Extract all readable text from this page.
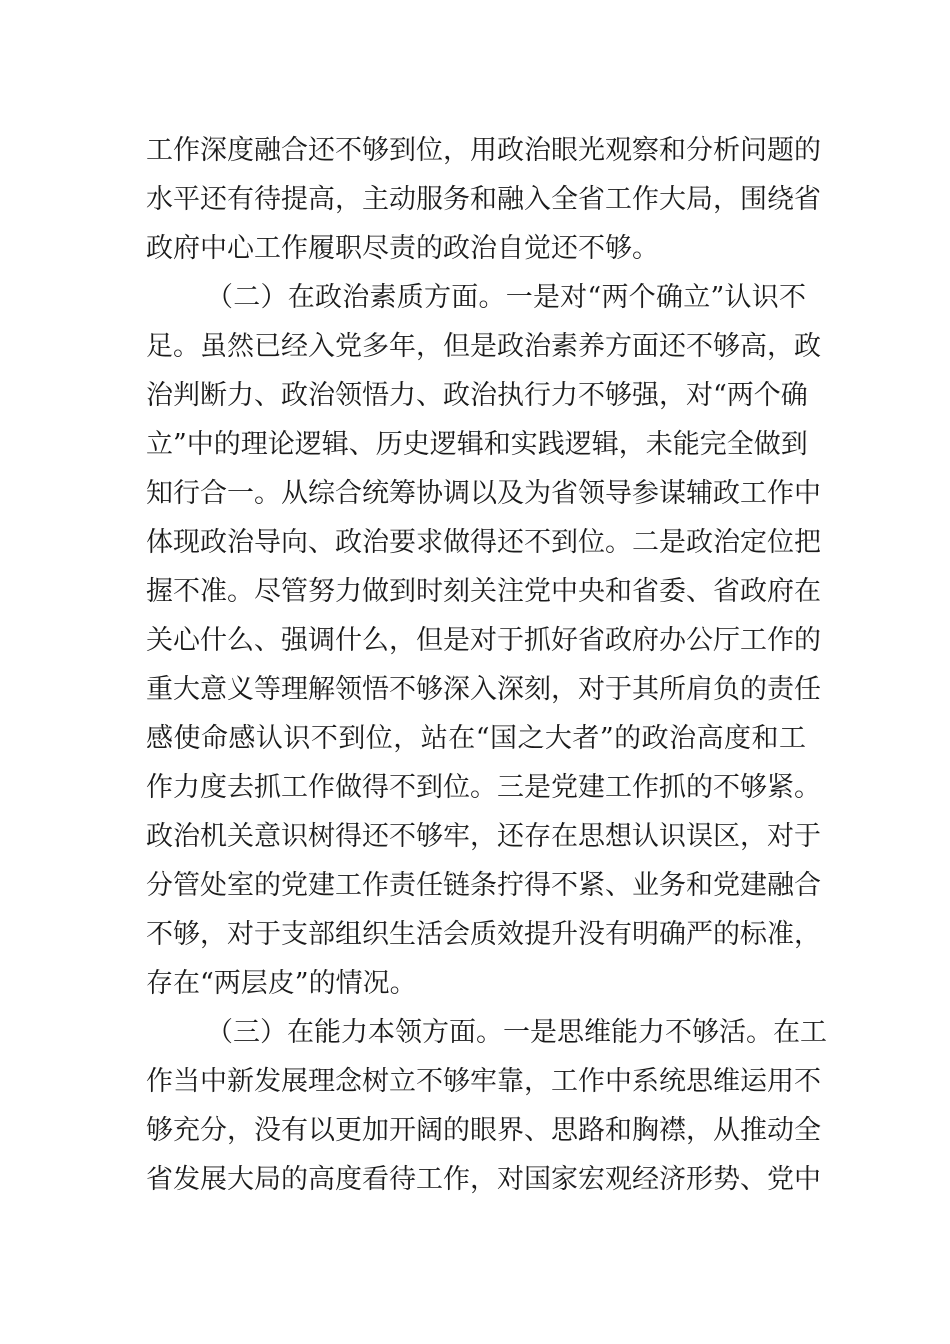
工作深度融合还不够到位，用政治眼光观察和分析问题的
水平还有待提高，主动服务和融入全省工作大局，围绕省
政府中心工作履职尽责的政治自觉还不够。
（二）在政治素质方面。一是对“两个确立”认识不
足。虽然已经入党多年，但是政治素养方面还不够高，政
治判断力、政治领悟力、政治执行力不够强，对“两个确
立”中的理论逻辑、历史逻辑和实践逻辑，未能完全做到
知行合一。从综合统筹协调以及为省领导参谋辅政工作中
体现政治导向、政治要求做得还不到位。二是政治定位把
握不准。尽管努力做到时刻关注党中央和省委、省政府在
关心什么、强调什么，但是对于抓好省政府办公厅工作的
重大意义等理解领悟不够深入深刻，对于其所肩负的责任
感使命感认识不到位，站在“国之大者”的政治高度和工
作力度去抓工作做得不到位。三是党建工作抓的不够紧。
政治机关意识树得还不够牢，还存在思想认识误区，对于
分管处室的党建工作责任链条拧得不紧、业务和党建融合
不够，对于支部组织生活会质效提升没有明确严的标准，
存在“两层皮”的情况。
（三）在能力本领方面。一是思维能力不够活。在工
作当中新发展理念树立不够牢靠，工作中系统思维运用不
够充分，没有以更加开阔的眼界、思路和胸襟，从推动全
省发展大局的高度看待工作，对国家宏观经济形势、党中
